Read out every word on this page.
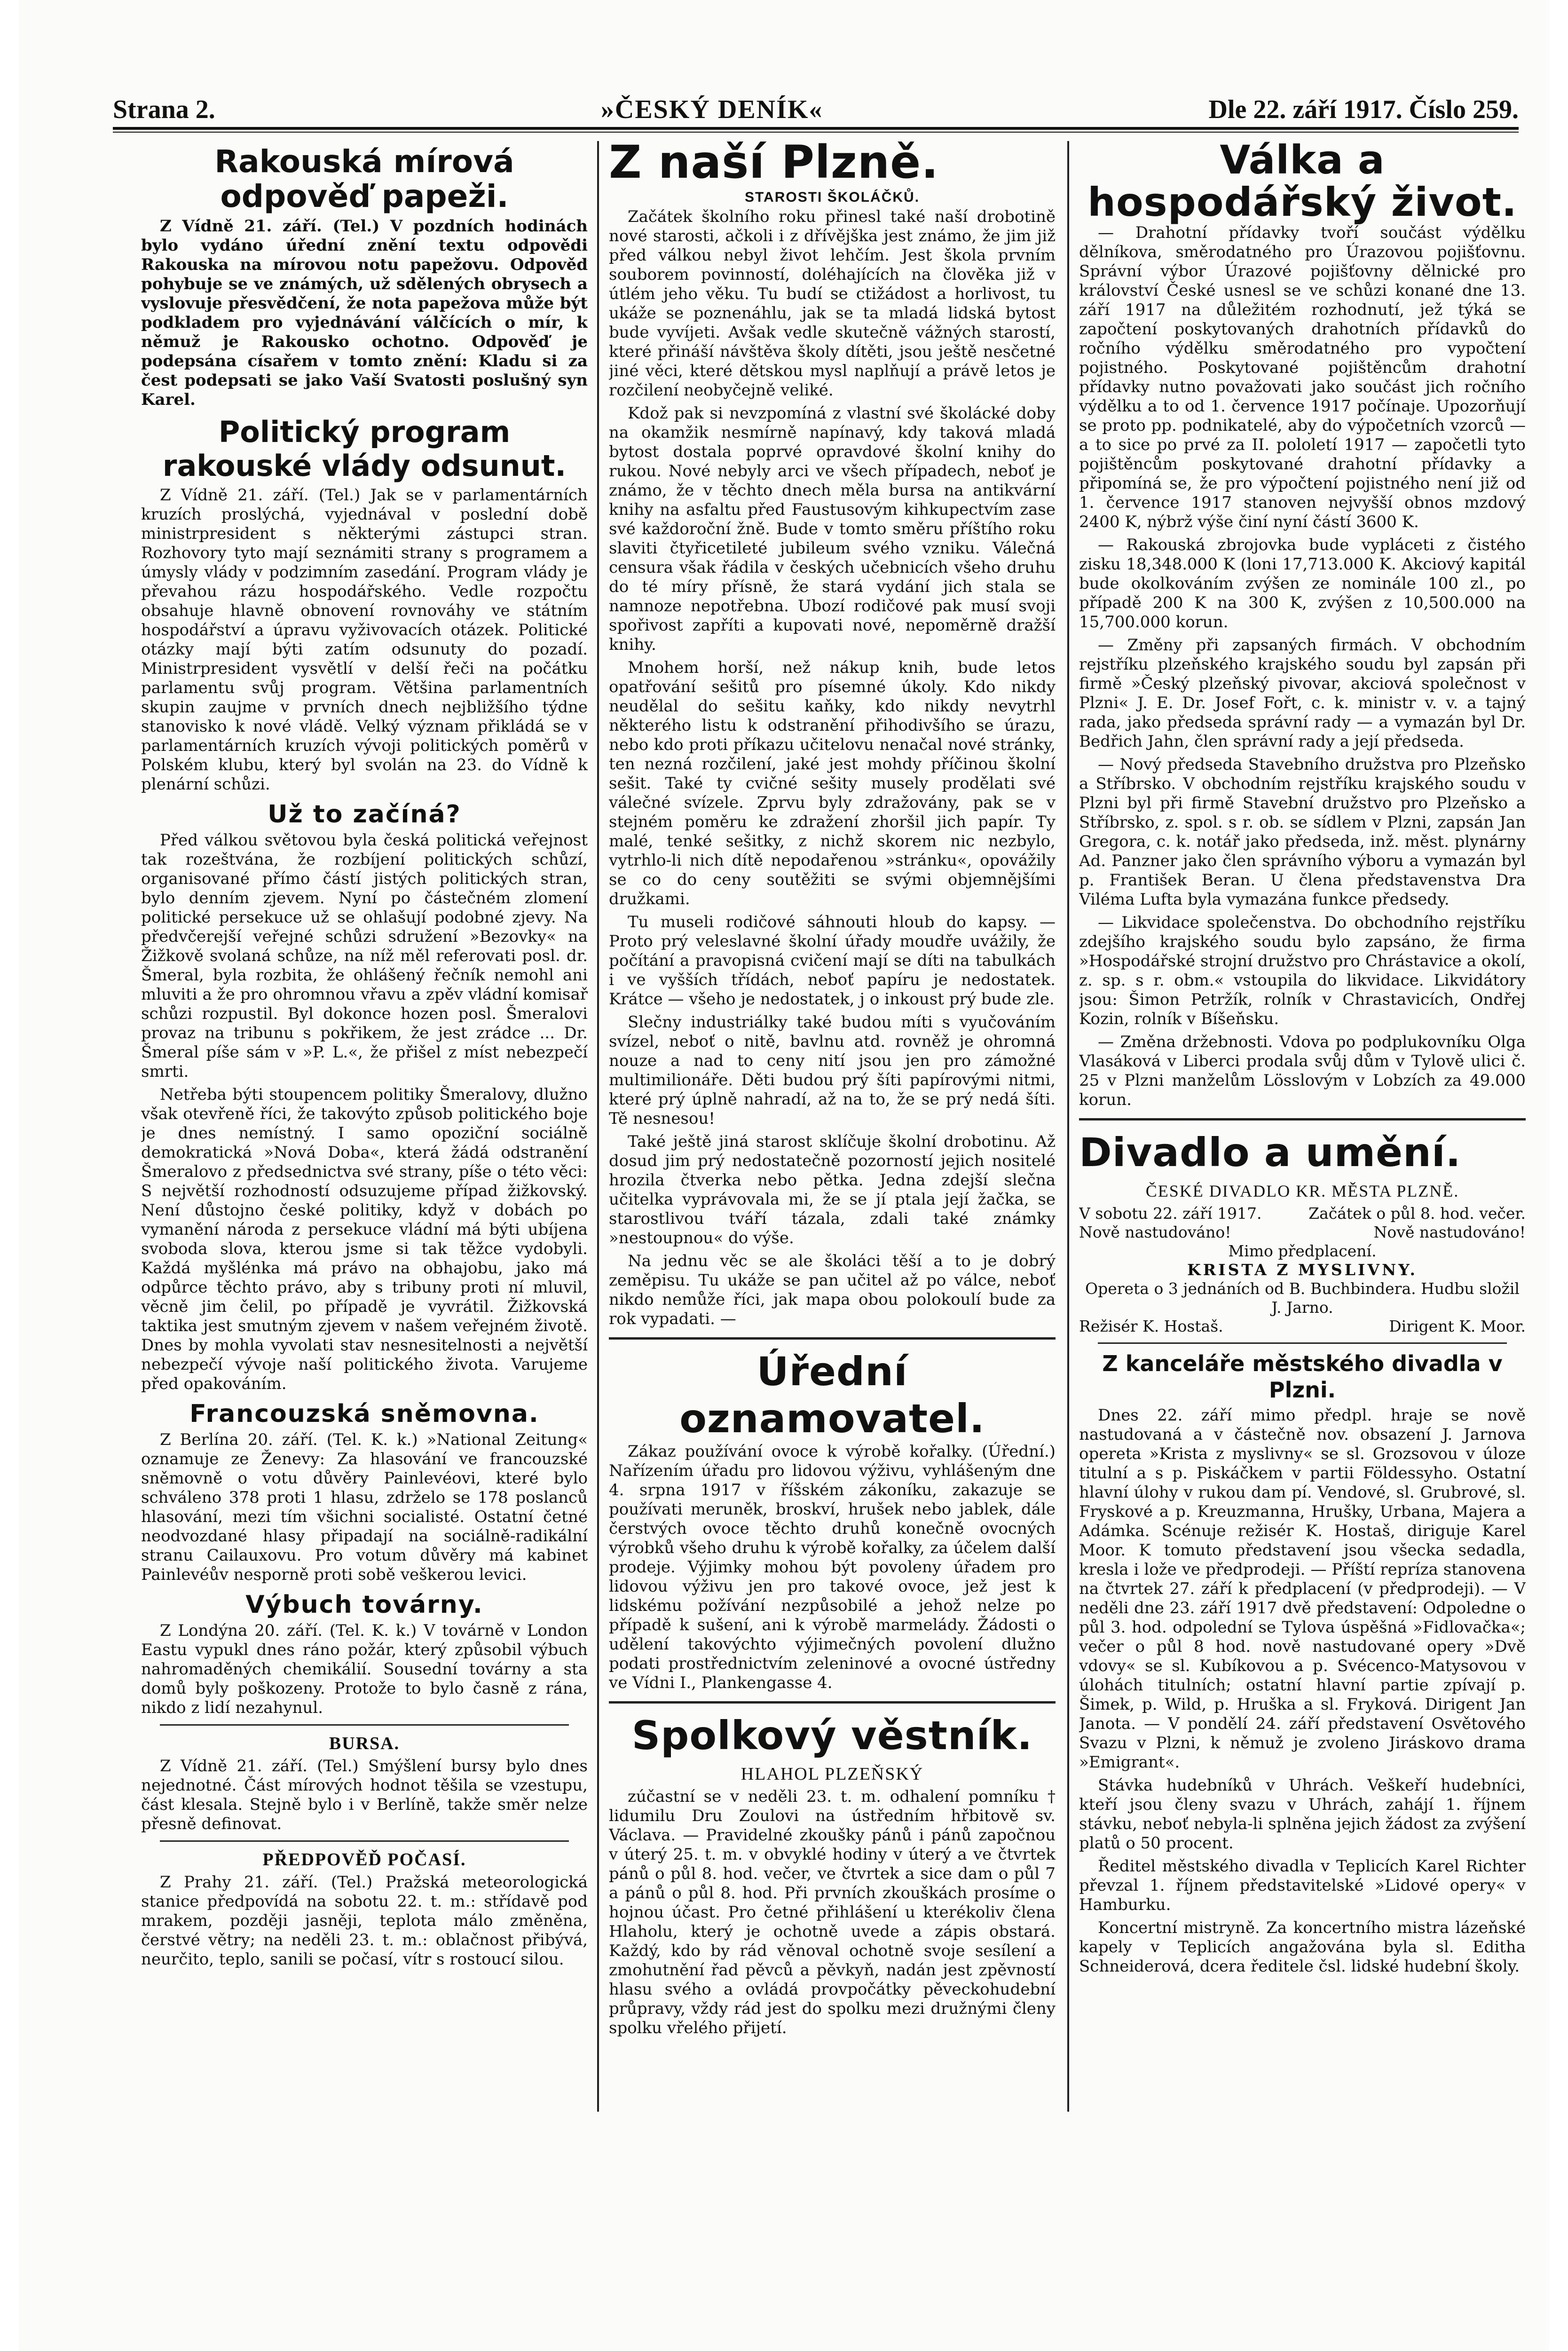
Strana 2.	»ČESKÝ DENÍK«	Dle 22. září 1917. Číslo 259.
Rakouská mírová odpověď papeži.

Z Vídně 21. září. (Tel.) V pozdních hodinách bylo vydáno úřední znění textu odpovědi Rakouska na mírovou notu papežovu. Odpověď pohybuje se ve známých, už sdělených obrysech a vyslovuje přesvědčení, že nota papežova může být podkladem pro vyjednávání válčících o mír, k němuž je Rakousko ochotno. Odpověď je podepsána císařem v tomto znění: Kladu si za čest podepsati se jako Vaší Svatosti poslušný syn Karel.

Politický program rakouské vlády odsunut.

Z Vídně 21. září. (Tel.) Jak se v parlamentárních kruzích proslýchá, vyjednával v poslední době ministrpresident s některými zástupci stran. Rozhovory tyto mají seznámiti strany s programem a úmysly vlády v podzimním zasedání. Program vlády je převahou rázu hospodářského. Vedle rozpočtu obsahuje hlavně obnovení rovnováhy ve státním hospodářství a úpravu vyživovacích otázek. Politické otázky mají býti zatím odsunuty do pozadí. Ministrpresident vysvětlí v delší řeči na počátku parlamentu svůj program. Většina parlamentních skupin zaujme v prvních dnech nejbližšího týdne stanovisko k nové vládě. Velký význam přikládá se v parlamentárních kruzích vývoji politických poměrů v Polském klubu, který byl svolán na 23. do Vídně k plenární schůzi.

Už to začíná?

Před válkou světovou byla česká politická veřejnost tak rozeštvána, že rozbíjení politických schůzí, organisované přímo částí jistých politických stran, bylo denním zjevem. Nyní po částečném zlomení politické persekuce už se ohlašují podobné zjevy. Na předvčerejší veřejné schůzi sdružení »Bezovky« na Žižkově svolaná schůze, na níž měl referovati posl. dr. Šmeral, byla rozbita, že ohlášený řečník nemohl ani mluviti a že pro ohromnou vřavu a zpěv vládní komisař schůzi rozpustil. Byl dokonce hozen posl. Šmeralovi provaz na tribunu s pokřikem, že jest zrádce ... Dr. Šmeral píše sám v »P. L.«, že přišel z míst nebezpečí smrti.

Netřeba býti stoupencem politiky Šmeralovy, dlužno však otevřeně říci, že takovýto způsob politického boje je dnes nemístný. I samo opoziční sociálně demokratická »Nová Doba«, která žádá odstranění Šmeralovo z předsednictva své strany, píše o této věci: S největší rozhodností odsuzujeme případ žižkovský. Není důstojno české politiky, když v dobách po vymanění národa z persekuce vládní má býti ubíjena svoboda slova, kterou jsme si tak těžce vydobyli. Každá myšlénka má právo na obhajobu, jako má odpůrce těchto právo, aby s tribuny proti ní mluvil, věcně jim čelil, po případě je vyvrátil. Žižkovská taktika jest smutným zjevem v našem veřejném životě. Dnes by mohla vyvolati stav nesnesitelnosti a největší nebezpečí vývoje naší politického života. Varujeme před opakováním.

Francouzská sněmovna.

Z Berlína 20. září. (Tel. K. k.) »National Zeitung« oznamuje ze Ženevy: Za hlasování ve francouzské sněmovně o votu důvěry Painlevéovi, které bylo schváleno 378 proti 1 hlasu, zdrželo se 178 poslanců hlasování, mezi tím všichni socialisté. Ostatní četné neodvozdané hlasy připadají na sociálně-radikální stranu Cailauxovu. Pro votum důvěry má kabinet Painlevéův nesporně proti sobě veškerou levici.

Výbuch továrny.

Z Londýna 20. září. (Tel. K. k.) V továrně v London Eastu vypukl dnes ráno požár, který způsobil výbuch nahromaděných chemikálií. Sousední továrny a sta domů byly poškozeny. Protože to bylo časně z rána, nikdo z lidí nezahynul.

BURSA.

Z Vídně 21. září. (Tel.) Smýšlení bursy bylo dnes nejednotné. Část mírových hodnot těšila se vzestupu, část klesala. Stejně bylo i v Berlíně, takže směr nelze přesně definovat.

PŘEDPOVĚĎ POČASÍ.

Z Prahy 21. září. (Tel.) Pražská meteorologická stanice předpovídá na sobotu 22. t. m.: střídavě pod mrakem, později jasněji, teplota málo změněna, čerstvé větry; na neděli 23. t. m.: oblačnost přibývá, neurčito, teplo, sanili se počasí, vítr s rostoucí silou.

Z naší Plzně.
STAROSTI ŠKOLÁČKŮ.

Začátek školního roku přinesl také naší drobotině nové starosti, ačkoli i z dřívějška jest známo, že jim již před válkou nebyl život lehčím. Jest škola prvním souborem povinností, doléhajících na člověka již v útlém jeho věku. Tu budí se ctižádost a horlivost, tu ukáže se poznenáhlu, jak se ta mladá lidská bytost bude vyvíjeti. Avšak vedle skutečně vážných starostí, které přináší návštěva školy dítěti, jsou ještě nesčetné jiné věci, které dětskou mysl naplňují a právě letos je rozčilení neobyčejně veliké.

Kdož pak si nevzpomíná z vlastní své školácké doby na okamžik nesmírně napínavý, kdy taková mladá bytost dostala poprvé opravdové školní knihy do rukou. Nové nebyly arci ve všech případech, neboť je známo, že v těchto dnech měla bursa na antikvární knihy na asfaltu před Faustusovým kihkupectvím zase své každoroční žně. Bude v tomto směru příštího roku slaviti čtyřicetileté jubileum svého vzniku. Válečná censura však řádila v českých učebnicích všeho druhu do té míry přísně, že stará vydání jich stala se namnoze nepotřebna. Ubozí rodičové pak musí svoji spořivost zapříti a kupovati nové, nepoměrně dražší knihy.

Mnohem horší, než nákup knih, bude letos opatřování sešitů pro písemné úkoly. Kdo nikdy neudělal do sešitu kaňky, kdo nikdy nevytrhl některého listu k odstranění přihodivšího se úrazu, nebo kdo proti příkazu učitelovu nenačal nové stránky, ten nezná rozčilení, jaké jest mohdy příčinou školní sešit. Také ty cvičné sešity musely prodělati své válečné svízele. Zprvu byly zdražovány, pak se v stejném poměru ke zdražení zhoršil jich papír. Ty malé, tenké sešitky, z nichž skorem nic nezbylo, vytrhlo-li nich dítě nepodařenou »stránku«, opovážily se co do ceny soutěžiti se svými objemnějšími družkami.

Tu museli rodičové sáhnouti hloub do kapsy. — Proto prý veleslavné školní úřady moudře uvážily, že počítání a pravopisná cvičení mají se díti na tabulkách i ve vyšších třídách, neboť papíru je nedostatek. Krátce — všeho je nedostatek, j o inkoust prý bude zle.

Slečny industriálky také budou míti s vyučováním svízel, neboť o nitě, bavlnu atd. rovněž je ohromná nouze a nad to ceny nití jsou jen pro zámožné multimilionáře. Děti budou prý šíti papírovými nitmi, které prý úplně nahradí, až na to, že se prý nedá šíti. Tě nesnesou!

Také ještě jiná starost sklíčuje školní drobotinu. Až dosud jim prý nedostatečně pozorností jejich nositelé hrozila čtverka nebo pětka. Jedna zdejší slečna učitelka vyprávovala mi, že se jí ptala její žačka, se starostlivou tváří tázala, zdali také známky »nestoupnou« do výše.

Na jednu věc se ale školáci těší a to je dobrý zeměpisu. Tu ukáže se pan učitel až po válce, neboť nikdo nemůže říci, jak mapa obou polokoulí bude za rok vypadati. —

Úřední oznamovatel.

Zákaz používání ovoce k výrobě kořalky. (Úřední.) Nařízením úřadu pro lidovou výživu, vyhlášeným dne 4. srpna 1917 v říšském zákoníku, zakazuje se používati meruněk, broskví, hrušek nebo jablek, dále čerstvých ovoce těchto druhů konečně ovocných výrobků všeho druhu k výrobě kořalky, za účelem další prodeje. Výjimky mohou být povoleny úřadem pro lidovou výživu jen pro takové ovoce, jež jest k lidskému požívání nezpůsobilé a jehož nelze po případě k sušení, ani k výrobě marmelády. Žádosti o udělení takovýchto výjimečných povolení dlužno podati prostřednictvím zeleninové a ovocné ústředny ve Vídni I., Plankengasse 4.

Spolkový věstník.
HLAHOL PLZEŇSKÝ

zúčastní se v neděli 23. t. m. odhalení pomníku † lidumilu Dru Zoulovi na ústředním hřbitově sv. Václava. — Pravidelné zkoušky pánů i pánů započnou v úterý 25. t. m. v obvyklé hodiny v úterý a ve čtvrtek pánů o půl 8. hod. večer, ve čtvrtek a sice dam o půl 7 a pánů o půl 8. hod. Při prvních zkouškách prosíme o hojnou účast. Pro četné přihlášení u kterékoliv člena Hlaholu, který je ochotně uvede a zápis obstará. Každý, kdo by rád věnoval ochotně svoje sesílení a zmohutnění řad pěvců a pěvkyň, nadán jest zpěvností hlasu svého a ovládá provpočátky pěveckohudební průpravy, vždy rád jest do spolku mezi družnými členy spolku vřelého přijetí.

Válka a hospodářský život.

— Drahotní přídavky tvoří součást výdělku dělníkova, směrodatného pro Úrazovou pojišťovnu. Správní výbor Úrazové pojišťovny dělnické pro království České usnesl se ve schůzi konané dne 13. září 1917 na důležitém rozhodnutí, jež týká se započtení poskytovaných drahotních přídavků do ročního výdělku směrodatného pro vypočtení pojistného. Poskytované pojištěncům drahotní přídavky nutno považovati jako součást jich ročního výdělku a to od 1. července 1917 počínaje. Upozorňují se proto pp. podnikatelé, aby do výpočetních vzorců — a to sice po prvé za II. pololetí 1917 — započetli tyto pojištěncům poskytované drahotní přídavky a připomíná se, že pro výpočtení pojistného není již od 1. července 1917 stanoven nejvyšší obnos mzdový 2400 K, nýbrž výše činí nyní částí 3600 K.

— Rakouská zbrojovka bude vypláceti z čistého zisku 18,348.000 K (loni 17,713.000 K. Akciový kapitál bude okolkováním zvýšen ze nominále 100 zl., po případě 200 K na 300 K, zvýšen z 10,500.000 na 15,700.000 korun.

— Změny při zapsaných firmách. V obchodním rejstříku plzeňského krajského soudu byl zapsán při firmě »Český plzeňský pivovar, akciová společnost v Plzni« J. E. Dr. Josef Fořt, c. k. ministr v. v. a tajný rada, jako předseda správní rady — a vymazán byl Dr. Bedřich Jahn, člen správní rady a její předseda.

— Nový předseda Stavebního družstva pro Plzeňsko a Stříbrsko. V obchodním rejstříku krajského soudu v Plzni byl při firmě Stavební družstvo pro Plzeňsko a Stříbrsko, z. spol. s r. ob. se sídlem v Plzni, zapsán Jan Gregora, c. k. notář jako předseda, inž. měst. plynárny Ad. Panzner jako člen správního výboru a vymazán byl p. František Beran. U člena představenstva Dra Viléma Lufta byla vymazána funkce předsedy.

— Likvidace společenstva. Do obchodního rejstříku zdejšího krajského soudu bylo zapsáno, že firma »Hospodářské strojní družstvo pro Chrástavice a okolí, z. sp. s r. obm.« vstoupila do likvidace. Likvidátory jsou: Šimon Petržík, rolník v Chrastavicích, Ondřej Kozin, rolník v Bíšeňsku.

— Změna držebnosti. Vdova po podplukovníku Olga Vlasáková v Liberci prodala svůj dům v Tylově ulici č. 25 v Plzni manželům Lösslovým v Lobzích za 49.000 korun.

Divadlo a umění.
ČESKÉ DIVADLO KR. MĚSTA PLZNĚ.
V sobotu 22. září 1917.	Začátek o půl 8. hod. večer.
Nově nastudováno!	Nově nastudováno!
Mimo předplacení.
KRISTA Z MYSLIVNY.
Opereta o 3 jednáních od B. Buchbindera. Hudbu složil J. Jarno.
Režisér K. Hostaš.	Dirigent K. Moor.
Z kanceláře městského divadla v Plzni.

Dnes 22. září mimo předpl. hraje se nově nastudovaná a v částečně nov. obsazení J. Jarnova opereta »Krista z myslivny« se sl. Grozsovou v úloze titulní a s p. Piskáčkem v partii Földessyho. Ostatní hlavní úlohy v rukou dam pí. Vendové, sl. Grubrové, sl. Fryskové a p. Kreuzmanna, Hrušky, Urbana, Majera a Adámka. Scénuje režisér K. Hostaš, diriguje Karel Moor. K tomuto představení jsou všecka sedadla, kresla i lože ve předprodeji. — Příští repríza stanovena na čtvrtek 27. září k předplacení (v předprodeji). — V neděli dne 23. září 1917 dvě představení: Odpoledne o půl 3. hod. odpolední se Tylova úspěšná »Fidlovačka«; večer o půl 8 hod. nově nastudované opery »Dvě vdovy« se sl. Kubíkovou a p. Svécenco-Matysovou v úlohách titulních; ostatní hlavní partie zpívají p. Šimek, p. Wild, p. Hruška a sl. Fryková. Dirigent Jan Janota. — V pondělí 24. září představení Osvětového Svazu v Plzni, k němuž je zvoleno Jiráskovo drama »Emigrant«.

Stávka hudebníků v Uhrách. Veškeří hudebníci, kteří jsou členy svazu v Uhrách, zahájí 1. říjnem stávku, neboť nebyla-li splněna jejich žádost za zvýšení platů o 50 procent.

Ředitel městského divadla v Teplicích Karel Richter převzal 1. říjnem představitelské »Lidové opery« v Hamburku.

Koncertní mistryně. Za koncertního mistra lázeňské kapely v Teplicích angažována byla sl. Editha Schneiderová, dcera ředitele čsl. lidské hudební školy.
